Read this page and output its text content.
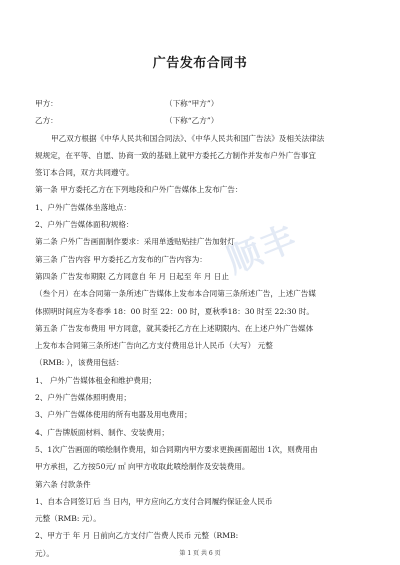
广告发布合同书
甲方：	（下称“甲方”）
乙方：	（下称“乙方”）
甲乙双方根据《中华人民共和国合同法》、《中华人民共和国广告法》及相关法律法
规规定，在平等、自愿、协商一致的基础上就甲方委托乙方制作并发布户外广告事宜
签订本合同，双方共同遵守。
第一条 甲方委托乙方在下列地段和户外广告媒体上发布广告：
1、户外广告媒体坐落地点：
2、户外广告媒体面积/规格：
第二条 户外广告画面制作要求：采用单透贴贴挂广告加射灯
第三条 广告内容 甲方委托乙方发布的广告内容为：
第四条 广告发布期限 乙方同意自 年 月 日起至 年 月 日止
（叁个月）在本合同第一条所述广告媒体上发布本合同第三条所述广告，上述广告媒
体照明时间应为冬春季 18：00 时至 22：00 时，夏秋季18：30 时至 22:30 时。
第五条 广告发布费用 甲方同意，就其委托乙方在上述期限内、在上述户外广告媒体
上发布本合同第三条所述广告向乙方支付费用总计人民币（大写） 元整
（RMB: ），该费用包括：
1、 户外广告媒体租金和维护费用；
2、户外广告媒体照明费用；
3、户外广告媒体使用的所有电器及用电费用；
4、广告牌版面材料、制作、安装费用；
5、1次广告画面的喷绘制作费用，如合同期内甲方要求更换画面超出 1次，则费用由
甲方承担，乙方按50元/ ㎡ 向甲方收取此喷绘制作及安装费用。
第六条 付款条件
1、自本合同签订后 当 日内，甲方应向乙方支付合同履约保证金人民币
元整（RMB: 元）。
2、甲方于 年 月 日前向乙方支付广告费人民币 元整（RMB:
元）。
顺丰
第 1 页 共 6 页
